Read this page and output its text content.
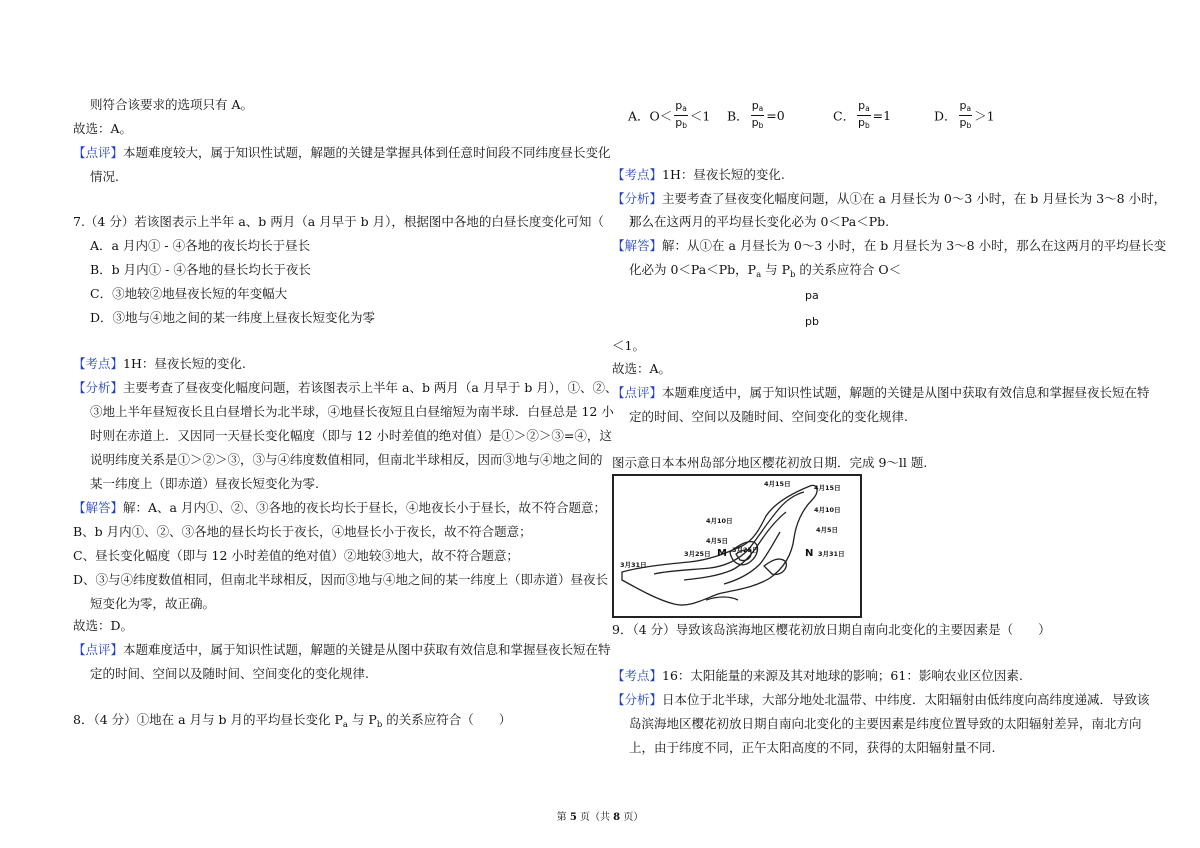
则符合该要求的选项只有 A。
故选：A。
【点评】本题难度较大，属于知识性试题，解题的关键是掌握具体到任意时间段不同纬度昼长变化
情况.
7.（4 分）若该图表示上半年 a、b 两月（a 月早于 b 月），根据图中各地的白昼长度变化可知（　　）
A．a 月内① - ④各地的夜长均长于昼长
B．b 月内① - ④各地的昼长均长于夜长
C．③地较②地昼夜长短的年变幅大
D．③地与④地之间的某一纬度上昼夜长短变化为零
【考点】1H：昼夜长短的变化.
【分析】主要考查了昼夜变化幅度问题，若该图表示上半年 a、b 两月（a 月早于 b 月），①、②、
③地上半年昼短夜长且白昼增长为北半球，④地昼长夜短且白昼缩短为南半球．白昼总是 12 小
时则在赤道上．又因同一天昼长变化幅度（即与 12 小时差值的绝对值）是①＞②＞③=④，这
说明纬度关系是①＞②＞③，③与④纬度数值相同，但南北半球相反，因而③地与④地之间的
某一纬度上（即赤道）昼夜长短变化为零.
【解答】解：A、a 月内①、②、③各地的夜长均长于昼长，④地夜长小于昼长，故不符合题意；
B、b 月内①、②、③各地的昼长均长于夜长，④地昼长小于夜长，故不符合题意；
C、昼长变化幅度（即与 12 小时差值的绝对值）②地较③地大，故不符合题意；
D、③与④纬度数值相同，但南北半球相反，因而③地与④地之间的某一纬度上（即赤道）昼夜长
短变化为零，故正确。
故选：D。
【点评】本题难度适中，属于知识性试题，解题的关键是从图中获取有效信息和掌握昼夜长短在特
定的时间、空间以及随时间、空间变化的变化规律.
8．（4 分）①地在 a 月与 b 月的平均昼长变化 $P_a$ 与 $P_b$ 的关系应符合（　　）
A．$O< \frac{pa}{pb} <1$ B． $\frac{pa}{pb} =0$	C． $\frac{pa}{pb} =1$	D． $\frac{pa}{pb} >1$
【考点】1H：昼夜长短的变化.
【分析】主要考查了昼夜变化幅度问题，从①在 a 月昼长为 0～3 小时，在 b 月昼长为 3～8 小时，
那么在这两月的平均昼长变化必为 0＜Pa＜Pb.
【解答】解：从①在 a 月昼长为 0～3 小时，在 b 月昼长为 3～8 小时，那么在这两月的平均昼长变
化必为 0＜Pa＜Pb，$P_a$ 与 $P_b$ 的关系应符合 O＜
pa
pb
＜1。
故选：A。
【点评】本题难度适中，属于知识性试题，解题的关键是从图中获取有效信息和掌握昼夜长短在特
定的时间、空间以及随时间、空间变化的变化规律.
图示意日本本州岛部分地区樱花初放日期．完成 9～ll 题.
4月15日	4月15日
4月10日
4月10日
4月5日
4月5日
3月25日	3月25日
3月31日
3月31日
M	N
9．（4 分）导致该岛滨海地区樱花初放日期自南向北变化的主要因素是（　　）
【考点】16：太阳能量的来源及其对地球的影响；61：影响农业区位因素.
【分析】日本位于北半球，大部分地处北温带、中纬度．太阳辐射由低纬度向高纬度递减．导致该
岛滨海地区樱花初放日期自南向北变化的主要因素是纬度位置导致的太阳辐射差异，南北方向
上，由于纬度不同，正午太阳高度的不同，获得的太阳辐射量不同.
第 5 页（共 8 页）
